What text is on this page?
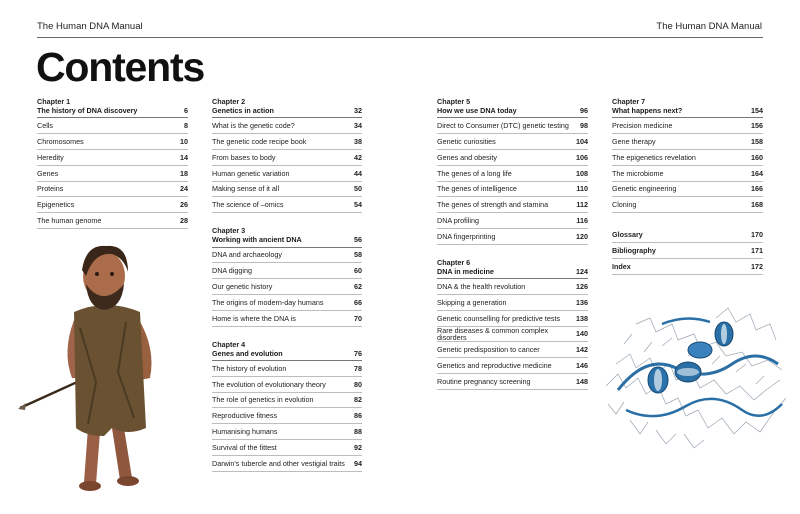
The Human DNA Manual	The Human DNA Manual
Contents
Chapter 1
The history of DNA discovery	6
Cells	8
Chromosomes	10
Heredity	14
Genes	18
Proteins	24
Epigenetics	26
The human genome	28
Chapter 2
Genetics in action	32
What is the genetic code?	34
The genetic code recipe book	38
From bases to body	42
Human genetic variation	44
Making sense of it all	50
The science of –omics	54
Chapter 3
Working with ancient DNA	56
DNA and archaeology	58
DNA digging	60
Our genetic history	62
The origins of modern-day humans	66
Home is where the DNA is	70
Chapter 4
Genes and evolution	76
The history of evolution	78
The evolution of evolutionary theory	80
The role of genetics in evolution	82
Reproductive fitness	86
Humanising humans	88
Survival of the fittest	92
Darwin's tubercle and other vestigial traits 94
Chapter 5
How we use DNA today	96
Direct to Consumer (DTC) genetic testing 98
Genetic curiosities	104
Genes and obesity	106
The genes of a long life	108
The genes of intelligence	110
The genes of strength and stamina	112
DNA profiling	116
DNA fingerprinting	120
Chapter 6
DNA in medicine	124
DNA & the health revolution	126
Skipping a generation	136
Genetic counselling for predictive tests 138
Rare diseases & common complex disorders	140
Genetic predisposition to cancer	142
Genetics and reproductive medicine	146
Routine pregnancy screening	148
Chapter 7
What happens next?	154
Precision medicine	156
Gene therapy	158
The epigenetics revelation	160
The microbiome	164
Genetic engineering	166
Cloning	168
Glossary	170
Bibliography	171
Index	172
